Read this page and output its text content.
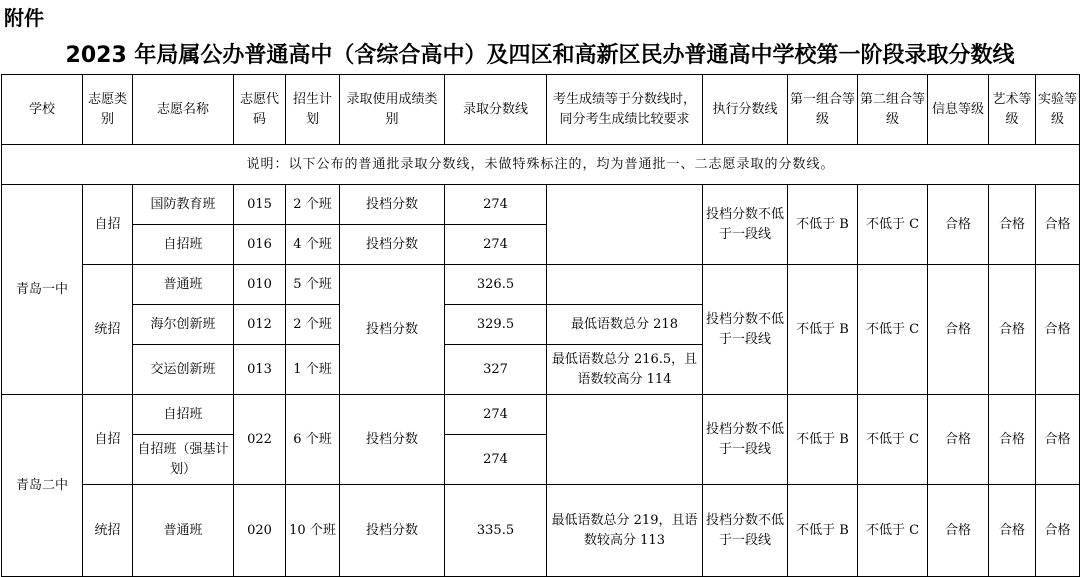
附件
2023 年局属公办普通高中（含综合高中）及四区和高新区民办普通高中学校第一阶段录取分数线
学校	志愿类别	志愿名称	志愿代码	招生计划	录取使用成绩类别	录取分数线	考生成绩等于分数线时，同分考生成绩比较要求	执行分数线	第一组合等级	第二组合等级	信息等级	艺术等级	实验等级
说明：以下公布的普通批录取分数线，未做特殊标注的，均为普通批一、二志愿录取的分数线。													
青岛一中	自招	国防教育班	015	2 个班	投档分数	274		投档分数不低于一段线	不低于 B	不低于 C	合格	合格	合格
		自招班	016	4 个班	投档分数	274							
	统招	普通班	010	5 个班	投档分数	326.5		投档分数不低于一段线	不低于 B	不低于 C	合格	合格	合格
		海尔创新班	012	2 个班		329.5	最低语数总分 218						
		交运创新班	013	1 个班		327	最低语数总分 216.5，且语数较高分 114						
青岛二中	自招	自招班	022	6 个班	投档分数	274		投档分数不低于一段线	不低于 B	不低于 C	合格	合格	合格
		自招班（强基计划）				274							
	统招	普通班	020	10 个班	投档分数	335.5	最低语数总分 219，且语数较高分 113	投档分数不低于一段线	不低于 B	不低于 C	合格	合格	合格
